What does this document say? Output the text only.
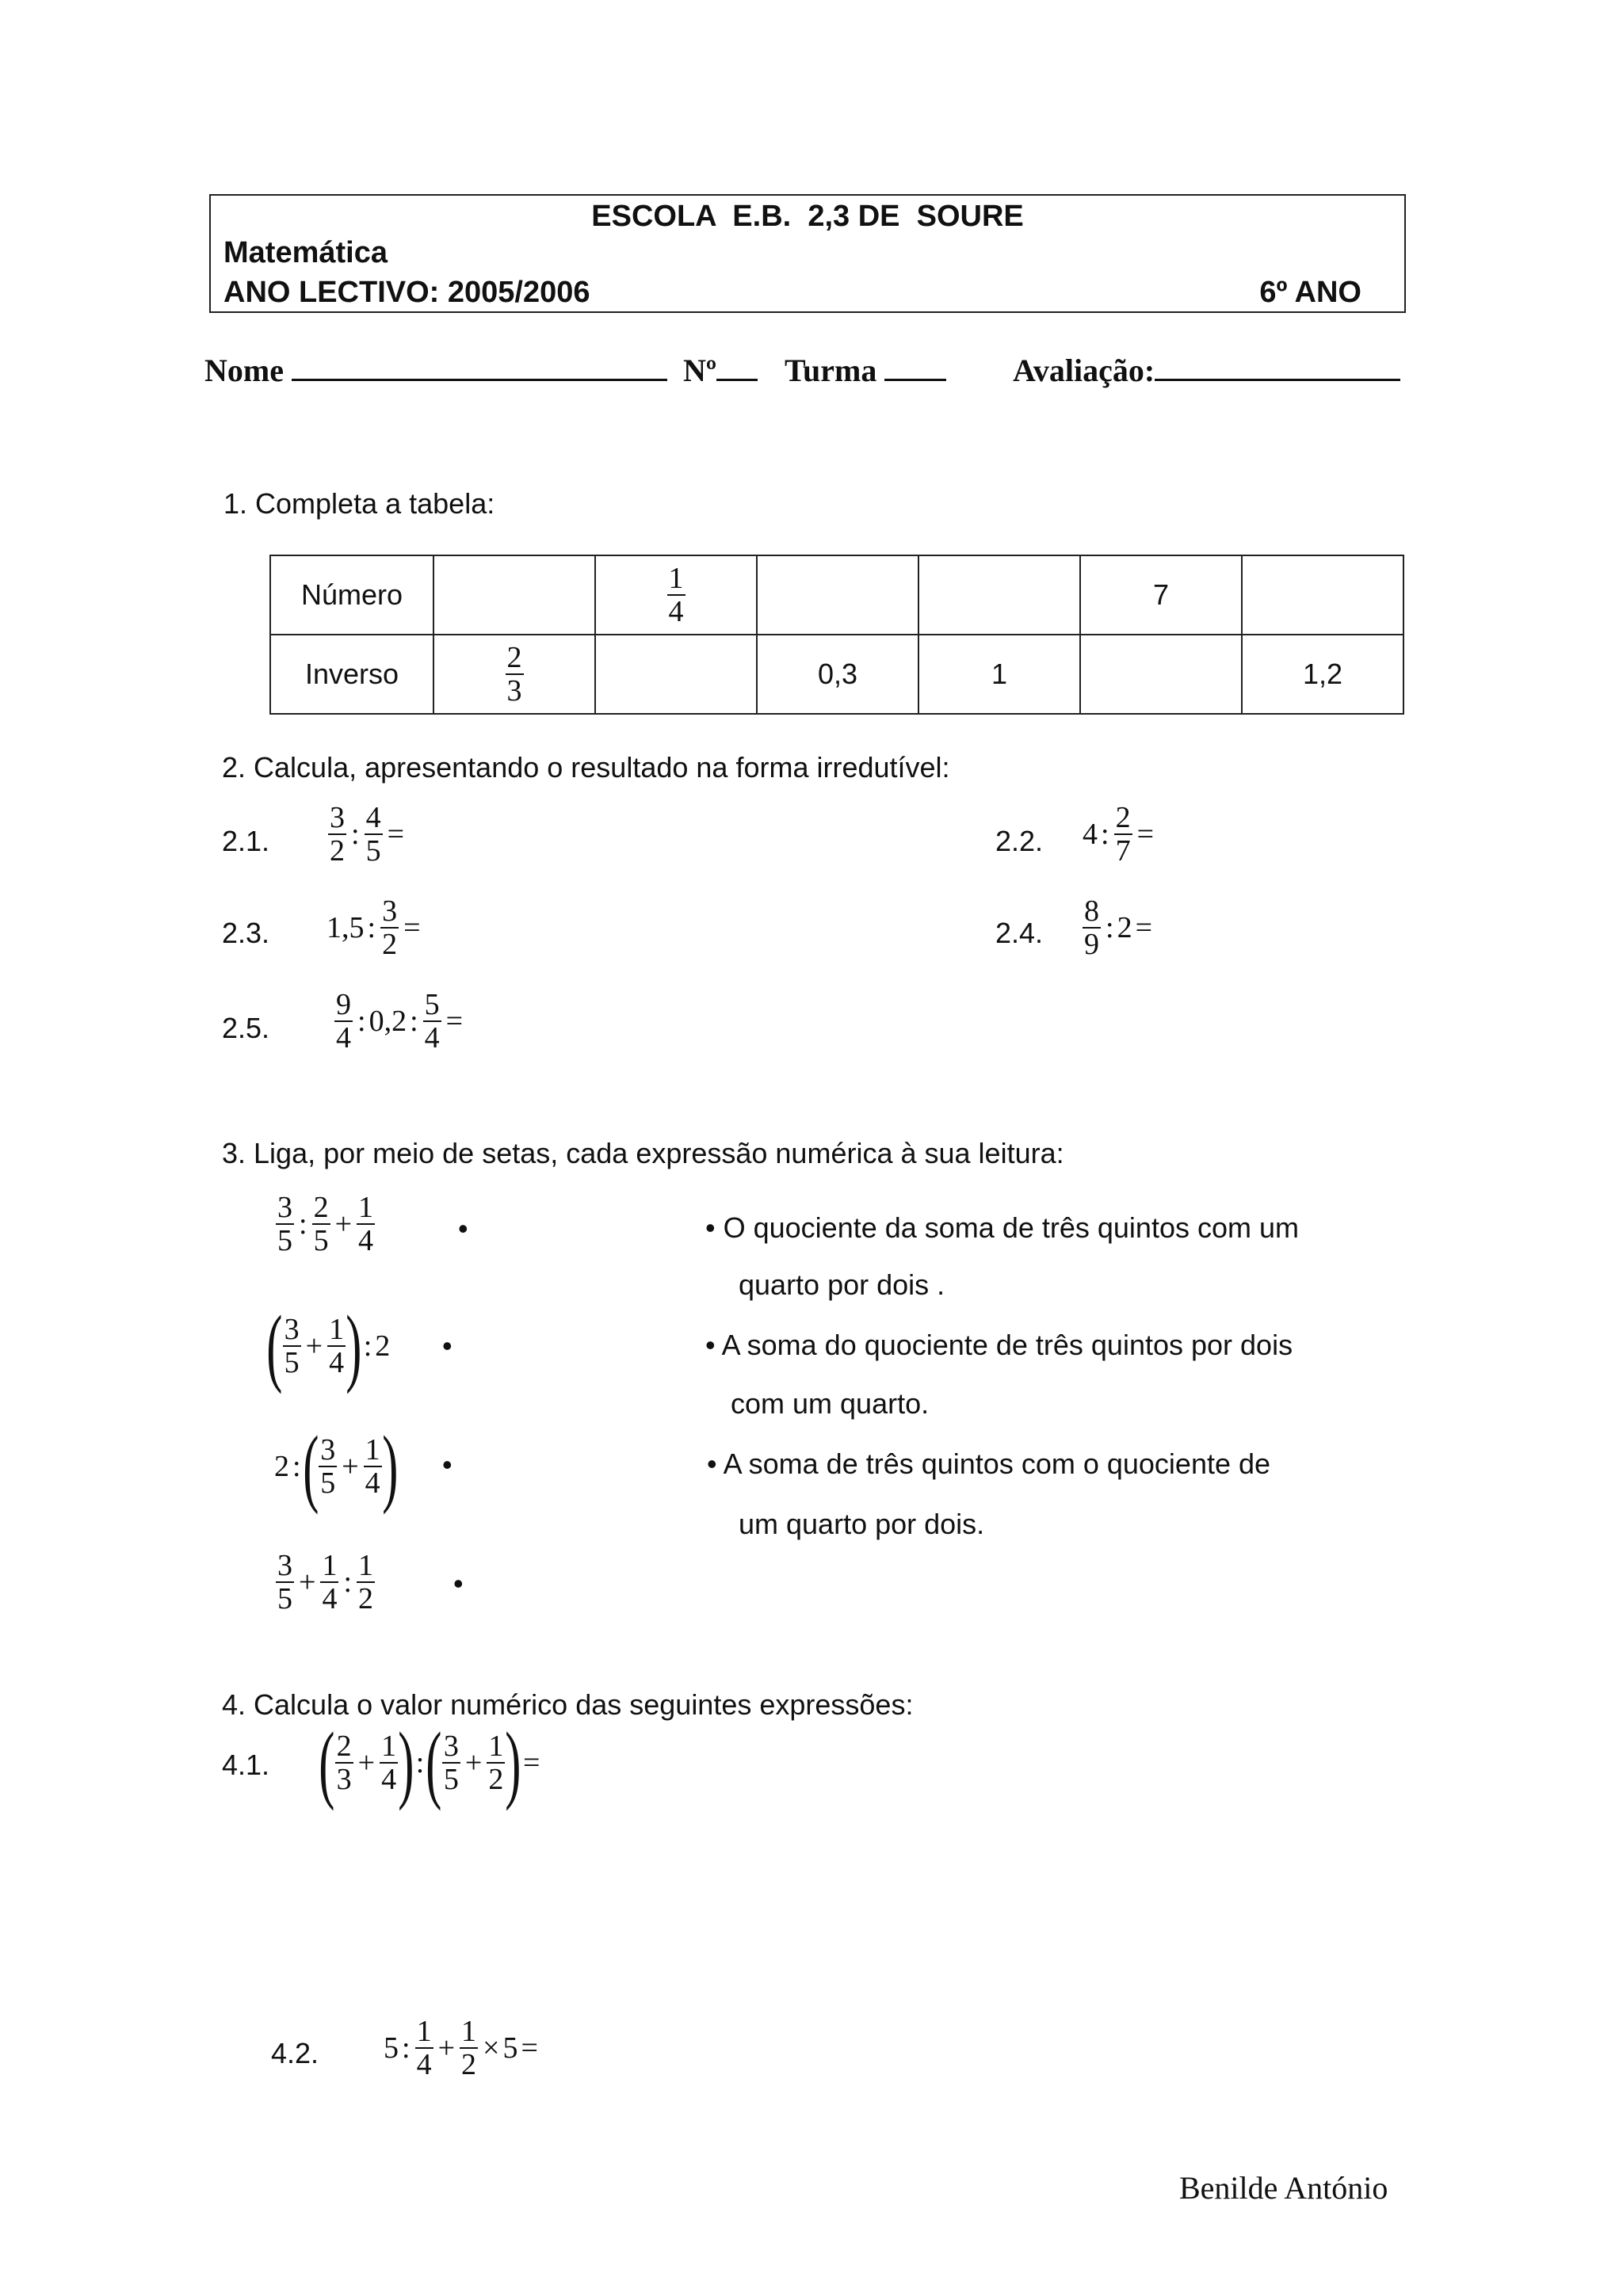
ESCOLA  E.B.  2,3 DE  SOURE
Matemática
ANO LECTIVO: 2005/2006	6º ANO
Nome	Nº	Turma	Avaliação:
1. Completa a tabela:
Número		$\frac{1}{4}$			7	
Inverso	$\frac{2}{3}$		0,3	1		1,2
2. Calcula, apresentando o resultado na forma irredutível:
2.1. $\frac{3}{2}$ : $\frac{4}{5}$ =	2.2. 4 : $\frac{2}{7}$ =
2.3. 1,5 : $\frac{3}{2}$ =	2.4. $\frac{8}{9}$ : 2 =
2.5. $\frac{9}{4}$ : 0,2 : $\frac{5}{4}$ =
3. Liga, por meio de setas, cada expressão numérica à sua leitura:
$\frac{3}{5}$ : $\frac{2}{5} + \frac{1}{4}$	•
( $\frac{3}{5} + \frac{1}{4}$ ) : 2 •
2 : ( $\frac{3}{5} + \frac{1}{4}$ ) •
$\frac{3}{5} + \frac{1}{4}$ : $\frac{1}{2}$	•
• O quociente da soma de três quintos com um
quarto por dois .
• A soma do quociente de três quintos por dois
com um quarto.
• A soma de três quintos com o quociente de
um quarto por dois.
4. Calcula o valor numérico das seguintes expressões:
4.1. ( $\frac{2}{3} + \frac{1}{4}$ ) : ( $\frac{3}{5} + \frac{1}{2}$ ) =
4.2. 5 : $\frac{1}{4} + \frac{1}{2} \times 5$ =
Benilde António
